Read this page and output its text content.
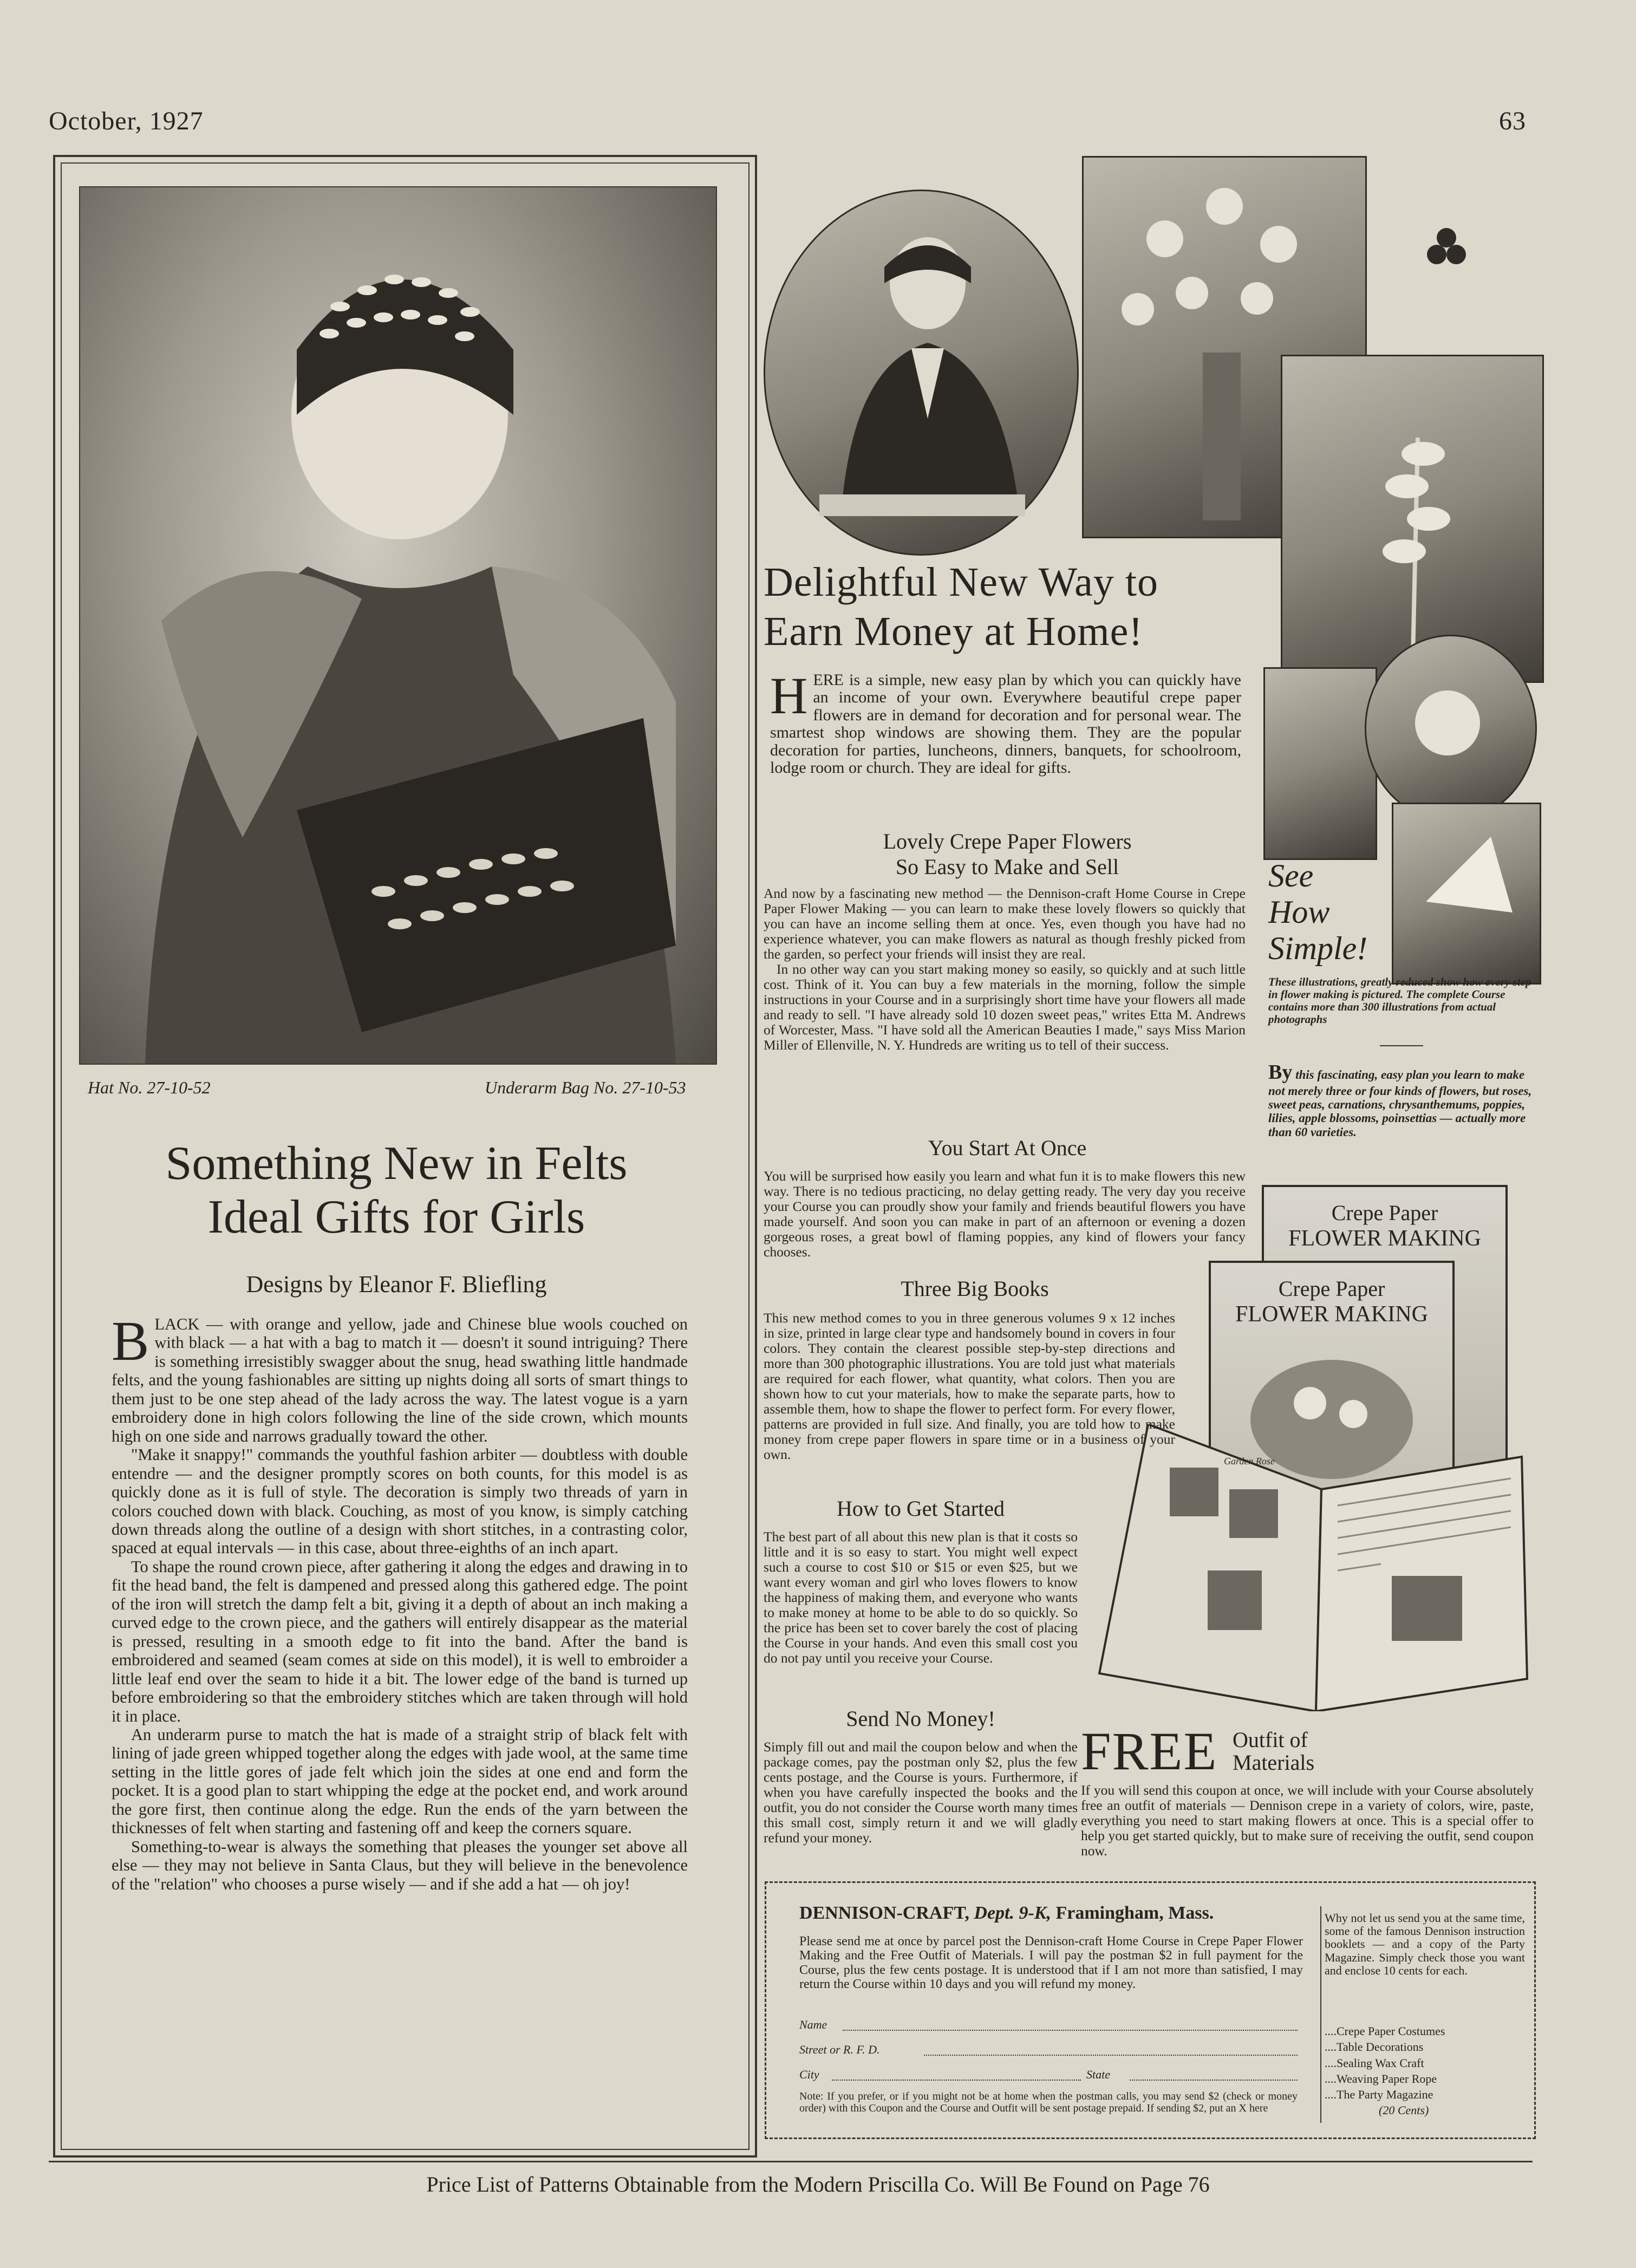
October, 1927	63
Hat No. 27-10-52	Underarm Bag No. 27-10-53
Something New in Felts
Ideal Gifts for Girls
Designs by Eleanor F. Bliefling

BLACK — with orange and yellow, jade and Chinese blue wools couched on with black — a hat with a bag to match it — doesn't it sound intriguing? There is something irresistibly swagger about the snug, head swathing little handmade felts, and the young fashionables are sitting up nights doing all sorts of smart things to them just to be one step ahead of the lady across the way. The latest vogue is a yarn embroidery done in high colors following the line of the side crown, which mounts high on one side and narrows gradually toward the other.

"Make it snappy!" commands the youthful fashion arbiter — doubtless with double entendre — and the designer promptly scores on both counts, for this model is as quickly done as it is full of style. The decoration is simply two threads of yarn in colors couched down with black. Couching, as most of you know, is simply catching down threads along the outline of a design with short stitches, in a contrasting color, spaced at equal intervals — in this case, about three-eighths of an inch apart.

To shape the round crown piece, after gathering it along the edges and drawing in to fit the head band, the felt is dampened and pressed along this gathered edge. The point of the iron will stretch the damp felt a bit, giving it a depth of about an inch making a curved edge to the crown piece, and the gathers will entirely disappear as the material is pressed, resulting in a smooth edge to fit into the band. After the band is embroidered and seamed (seam comes at side on this model), it is well to embroider a little leaf end over the seam to hide it a bit. The lower edge of the band is turned up before embroidering so that the embroidery stitches which are taken through will hold it in place.

An underarm purse to match the hat is made of a straight strip of black felt with lining of jade green whipped together along the edges with jade wool, at the same time setting in the little gores of jade felt which join the sides at one end and form the pocket. It is a good plan to start whipping the edge at the pocket end, and work around the gore first, then continue along the edge. Run the ends of the yarn between the thicknesses of felt when starting and fastening off and keep the corners square.

Something-to-wear is always the something that pleases the younger set above all else — they may not believe in Santa Claus, but they will believe in the benevolence of the "relation" who chooses a purse wisely — and if she add a hat — oh joy!

Delightful New Way to
Earn Money at Home!
HERE is a simple, new easy plan by which you can quickly have an income of your own. Everywhere beautiful crepe paper flowers are in demand for decoration and for personal wear. The smartest shop windows are showing them. They are the popular decoration for parties, luncheons, dinners, banquets, for schoolroom, lodge room or church. They are ideal for gifts.
Lovely Crepe Paper Flowers
So Easy to Make and Sell
And now by a fascinating new method — the Dennison-craft Home Course in Crepe Paper Flower Making — you can learn to make these lovely flowers so quickly that you can have an income selling them at once. Yes, even though you have had no experience whatever, you can make flowers as natural as though freshly picked from the garden, so perfect your friends will insist they are real.
In no other way can you start making money so easily, so quickly and at such little cost. Think of it. You can buy a few materials in the morning, follow the simple instructions in your Course and in a surprisingly short time have your flowers all made and ready to sell. "I have already sold 10 dozen sweet peas," writes Etta M. Andrews of Worcester, Mass. "I have sold all the American Beauties I made," says Miss Marion Miller of Ellenville, N. Y. Hundreds are writing us to tell of their success.
See
How
Simple!
These illustrations, greatly reduced show how every step in flower making is pictured. The complete Course contains more than 300 illustrations from actual photographs
By this fascinating, easy plan you learn to make not merely three or four kinds of flowers, but roses, sweet peas, carnations, chrysanthemums, poppies, lilies, apple blossoms, poinsettias — actually more than 60 varieties.
You Start At Once
You will be surprised how easily you learn and what fun it is to make flowers this new way. There is no tedious practicing, no delay getting ready. The very day you receive your Course you can proudly show your family and friends beautiful flowers you have made yourself. And soon you can make in part of an afternoon or evening a dozen gorgeous roses, a great bowl of flaming poppies, any kind of flowers your fancy chooses.
Crepe Paper
FLOWER MAKING
Crepe Paper
FLOWER MAKING
Garden Rose
Three Big Books
This new method comes to you in three generous volumes 9 x 12 inches in size, printed in large clear type and handsomely bound in covers in four colors. They contain the clearest possible step-by-step directions and more than 300 photographic illustrations. You are told just what materials are required for each flower, what quantity, what colors. Then you are shown how to cut your materials, how to make the separate parts, how to assemble them, how to shape the flower to perfect form. For every flower, patterns are provided in full size. And finally, you are told how to make money from crepe paper flowers in spare time or in a business of your own.
How to Get Started
The best part of all about this new plan is that it costs so little and it is so easy to start. You might well expect such a course to cost $10 or $15 or even $25, but we want every woman and girl who loves flowers to know the happiness of making them, and everyone who wants to make money at home to be able to do so quickly. So the price has been set to cover barely the cost of placing the Course in your hands. And even this small cost you do not pay until you receive your Course.
Send No Money!
Simply fill out and mail the coupon below and when the package comes, pay the postman only $2, plus the few cents postage, and the Course is yours. Furthermore, if when you have carefully inspected the books and the outfit, you do not consider the Course worth many times this small cost, simply return it and we will gladly refund your money.
FREE Outfit of
Materials
If you will send this coupon at once, we will include with your Course absolutely free an outfit of materials — Dennison crepe in a variety of colors, wire, paste, everything you need to start making flowers at once. This is a special offer to help you get started quickly, but to make sure of receiving the outfit, send coupon now.
DENNISON-CRAFT, Dept. 9-K, Framingham, Mass.
Please send me at once by parcel post the Dennison-craft Home Course in Crepe Paper Flower Making and the Free Outfit of Materials. I will pay the postman $2 in full payment for the Course, plus the few cents postage. It is understood that if I am not more than satisfied, I may return the Course within 10 days and you will refund my money.
Name
Street or R. F. D.
City	State
Note: If you prefer, or if you might not be at home when the postman calls, you may send $2 (check or money order) with this Coupon and the Course and Outfit will be sent postage prepaid. If sending $2, put an X here
Why not let us send you at the same time, some of the famous Dennison instruction booklets — and a copy of the Party Magazine. Simply check those you want and enclose 10 cents for each.
....Crepe Paper Costumes
....Table Decorations
....Sealing Wax Craft
....Weaving Paper Rope
....The Party Magazine
(20 Cents)
Price List of Patterns Obtainable from the Modern Priscilla Co. Will Be Found on Page 76
